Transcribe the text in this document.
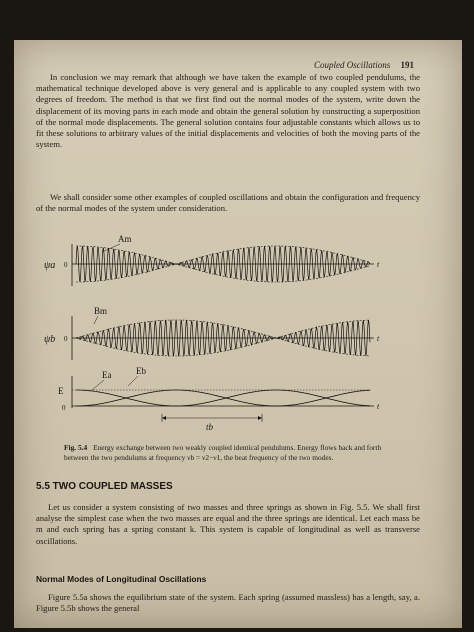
Coupled Oscillations 191

In conclusion we may remark that although we have taken the example of two coupled pendulums, the mathematical technique developed above is very general and is applicable to any coupled system with two degrees of freedom. The method is that we first find out the normal modes of the system, write down the displacement of its moving parts in each mode and obtain the general solution by constructing a superposition of the normal mode displacements. The general solution contains four adjustable constants which allows us to fit these solutions to arbitrary values of the initial displacements and velocities of both the moving parts of the system.

We shall consider some other examples of coupled oscillations and obtain the configuration and frequency of the normal modes of the system under consideration.

ψa 0
Am
t
ψb 0
Bm
t
E
0
Ea	Eb
t
tb
Fig. 5.4 Energy exchange between two weakly coupled identical pendulums. Energy flows back and forth between the two pendulums at frequency νb = ν2−ν1, the beat frequency of the two modes.
5.5 TWO COUPLED MASSES

Let us consider a system consisting of two masses and three springs as shown in Fig. 5.5. We shall first analyse the simplest case when the two masses are equal and the three springs are identical. Let each mass be m and each spring has a spring constant k. This system is capable of longitudinal as well as transverse oscillations.

Normal Modes of Longitudinal Oscillations

Figure 5.5a shows the equilibrium state of the system. Each spring (assumed massless) has a length, say, a. Figure 5.5b shows the general
